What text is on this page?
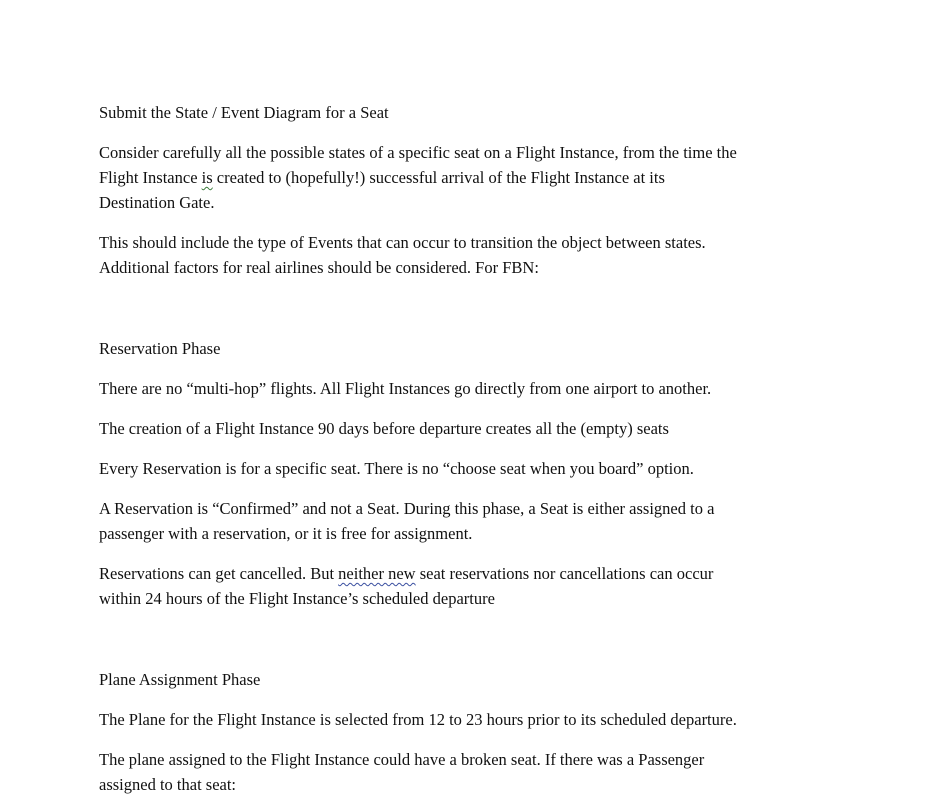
Submit the State / Event Diagram for a Seat

Consider carefully all the possible states of a specific seat on a Flight Instance, from the time the

Flight Instance is created to (hopefully!) successful arrival of the Flight Instance at its

Destination Gate.

This should include the type of Events that can occur to transition the object between states.

Additional factors for real airlines should be considered. For FBN:

Reservation Phase

There are no “multi-hop” flights. All Flight Instances go directly from one airport to another.

The creation of a Flight Instance 90 days before departure creates all the (empty) seats

Every Reservation is for a specific seat. There is no “choose seat when you board” option.

A Reservation is “Confirmed” and not a Seat. During this phase, a Seat is either assigned to a

passenger with a reservation, or it is free for assignment.

Reservations can get cancelled. But neither new seat reservations nor cancellations can occur

within 24 hours of the Flight Instance’s scheduled departure

Plane Assignment Phase

The Plane for the Flight Instance is selected from 12 to 23 hours prior to its scheduled departure.

The plane assigned to the Flight Instance could have a broken seat. If there was a Passenger

assigned to that seat:
